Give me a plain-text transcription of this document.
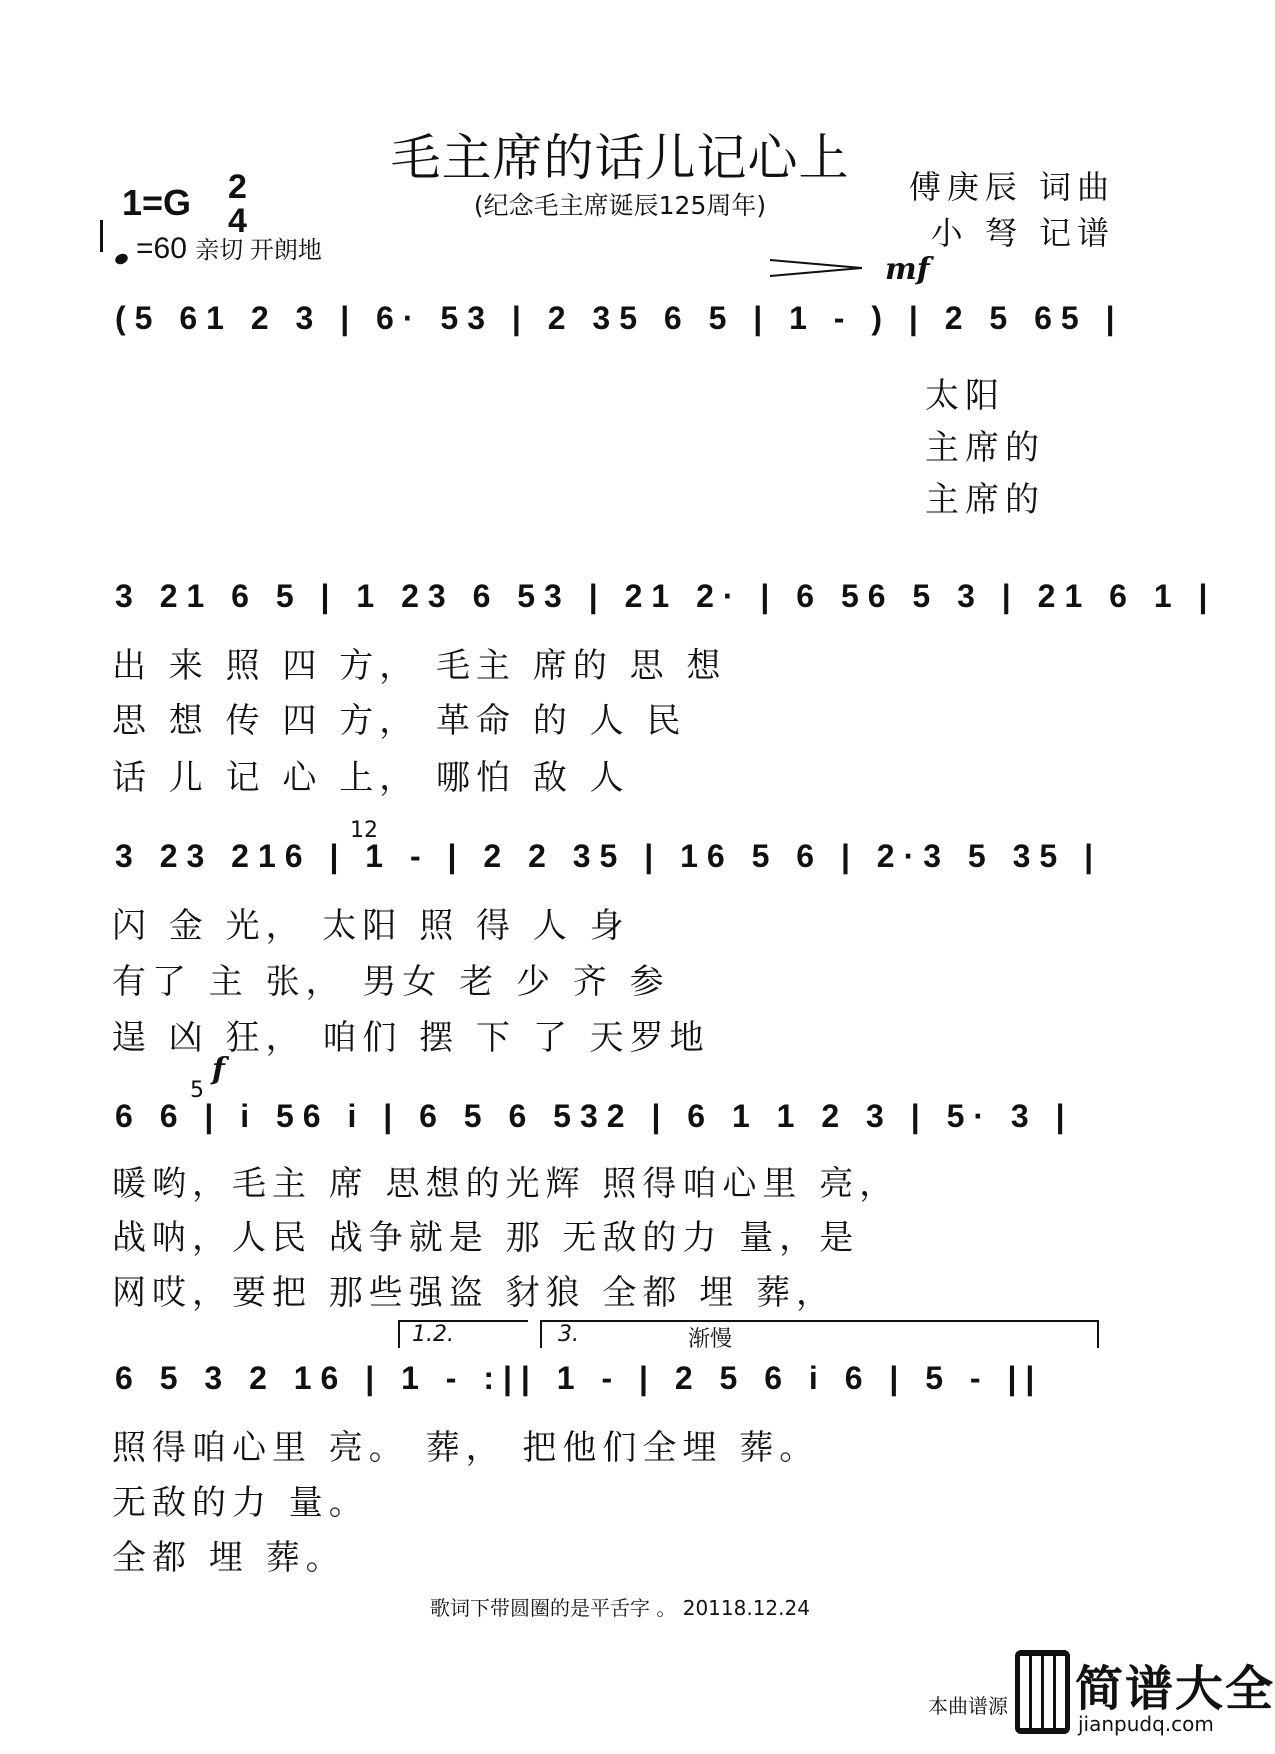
毛主席的话儿记心上
(纪念毛主席诞辰125周年)
1=G 2
4
=60 亲切 开朗地
傅庚辰 词曲
小 弩 记谱
mf
(5 61 2 3 | 6· 53 | 2 35 6 5 | 1 - ) | 2 5 65 |
太阳
主席的
主席的
3 21 6 5 | 1 23 6 53 | 21 2· | 6 56 5 3 | 21 6 1 |
出 来 照 四 方， 毛主 席的 思 想
思 想 传 四 方， 革命 的 人 民
话 儿 记 心 上， 哪怕 敌 人
12
3 23 216 | 1 - | 2 2 35 | 16 5 6 | 2·3 5 35 |
闪 金 光， 太阳 照 得 人 身
有了 主 张， 男女 老 少 齐 参
逞 凶 狂， 咱们 摆 下 了 天罗地
f
5
6 6 | i 56 i | 6 5 6 532 | 6 1 1 2 3 | 5· 3 |
暖哟，毛主 席 思想的光辉 照得咱心里 亮，
战呐，人民 战争就是 那 无敌的力 量，是
网哎，要把 那些强盗 豺狼 全都 埋 葬，
1.2.	3.	渐慢
6 5 3 2 16 | 1 - :|| 1 - | 2 5 6 i 6 | 5 - ||
照得咱心里 亮。 葬， 把他们全埋 葬。
无敌的力 量。
全都 埋 葬。
歌词下带圆圈的是平舌字 。 20118.12.24
本曲谱源 简谱大全
jianpudq.com
